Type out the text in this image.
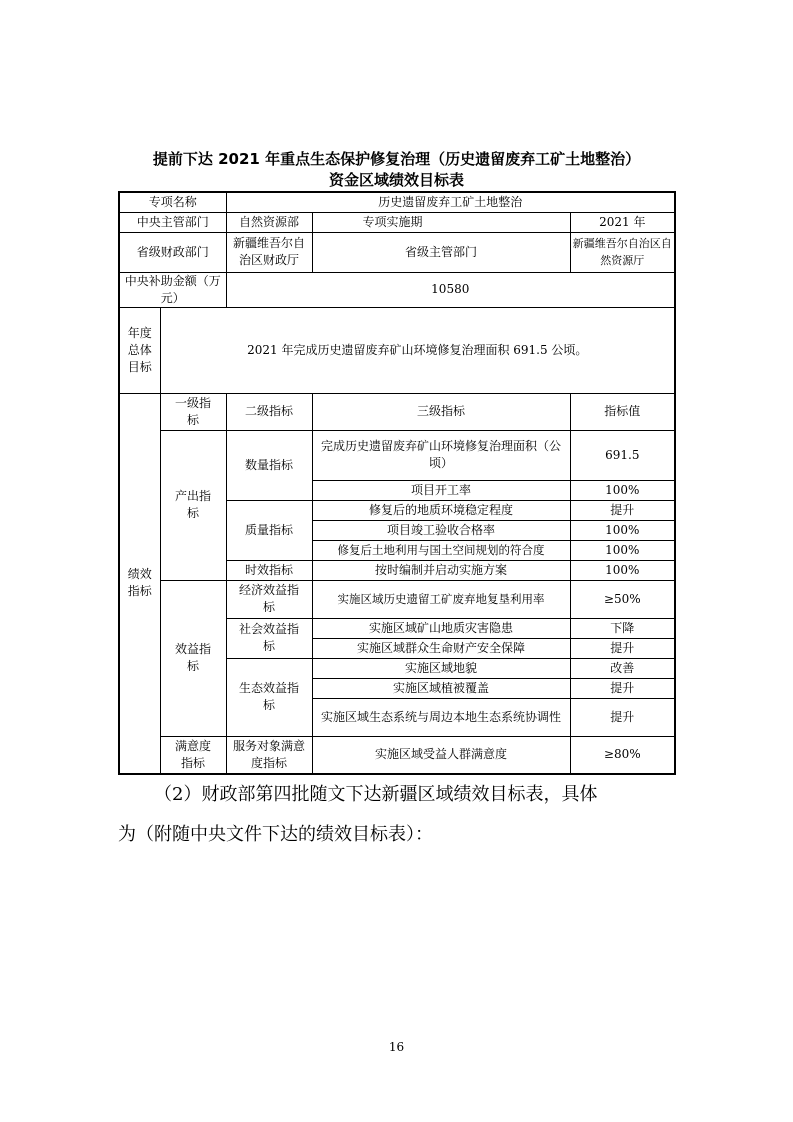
提前下达 2021 年重点生态保护修复治理（历史遗留废弃工矿土地整治）
资金区域绩效目标表
专项名称		历史遗留废弃工矿土地整治		
中央主管部门		自然资源部	专项实施期	2021 年
省级财政部门		新疆维吾尔自治区财政厅	省级主管部门	新疆维吾尔自治区自然资源厅
中央补助金额（万元）		10580		
年度总体目标	2021 年完成历史遗留废弃矿山环境修复治理面积 691.5 公顷。			
绩效指标	一级指标	二级指标	三级指标	指标值
	产出指标	数量指标	完成历史遗留废弃矿山环境修复治理面积（公顷）	691.5
			项目开工率	100%
		质量指标	修复后的地质环境稳定程度	提升
			项目竣工验收合格率	100%
			修复后土地利用与国土空间规划的符合度	100%
		时效指标	按时编制并启动实施方案	100%
	效益指标	经济效益指标	实施区域历史遗留工矿废弃地复垦利用率	≥50%
		社会效益指标	实施区域矿山地质灾害隐患	下降
			实施区域群众生命财产安全保障	提升
		生态效益指标	实施区域地貌	改善
			实施区域植被覆盖	提升
			实施区域生态系统与周边本地生态系统协调性	提升
	满意度指标	服务对象满意度指标	实施区域受益人群满意度	≥80%
（2）财政部第四批随文下达新疆区域绩效目标表，具体
为（附随中央文件下达的绩效目标表）：
16
